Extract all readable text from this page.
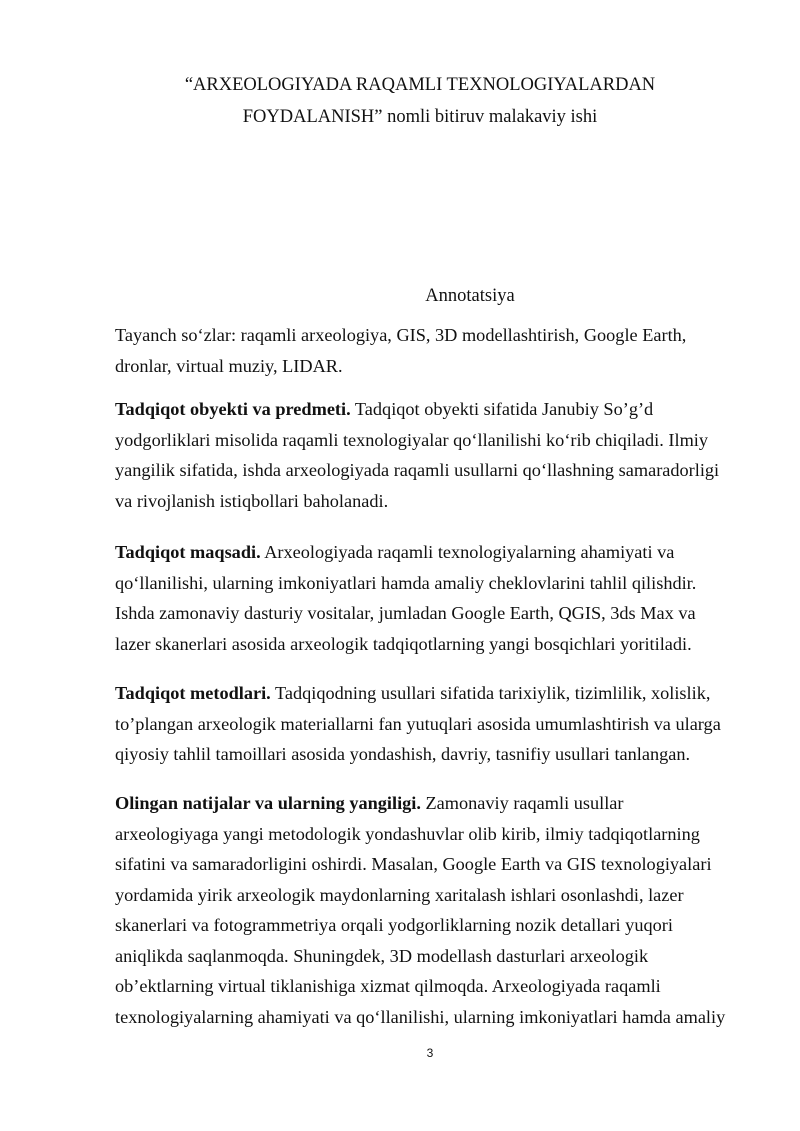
“ARXEOLOGIYADA RAQAMLI TEXNOLOGIYALARDAN
FOYDALANISH” nomli bitiruv malakaviy ishi
Annotatsiya
Tayanch so‘zlar: raqamli arxeologiya, GIS, 3D modellashtirish, Google Earth,
dronlar, virtual muziy, LIDAR.
Tadqiqot obyekti va predmeti. Tadqiqot obyekti sifatida Janubiy So’g’d
yodgorliklari misolida raqamli texnologiyalar qo‘llanilishi ko‘rib chiqiladi. Ilmiy
yangilik sifatida, ishda arxeologiyada raqamli usullarni qo‘llashning samaradorligi
va rivojlanish istiqbollari baholanadi.
Tadqiqot maqsadi. Arxeologiyada raqamli texnologiyalarning ahamiyati va
qo‘llanilishi, ularning imkoniyatlari hamda amaliy cheklovlarini tahlil qilishdir.
Ishda zamonaviy dasturiy vositalar, jumladan Google Earth, QGIS, 3ds Max va
lazer skanerlari asosida arxeologik tadqiqotlarning yangi bosqichlari yoritiladi.
Tadqiqot metodlari. Tadqiqodning usullari sifatida tarixiylik, tizimlilik, xolislik,
to’plangan arxeologik materiallarni fan yutuqlari asosida umumlashtirish va ularga
qiyosiy tahlil tamoillari asosida yondashish, davriy, tasnifiy usullari tanlangan.
Olingan natijalar va ularning yangiligi. Zamonaviy raqamli usullar
arxeologiyaga yangi metodologik yondashuvlar olib kirib, ilmiy tadqiqotlarning
sifatini va samaradorligini oshirdi. Masalan, Google Earth va GIS texnologiyalari
yordamida yirik arxeologik maydonlarning xaritalash ishlari osonlashdi, lazer
skanerlari va fotogrammetriya orqali yodgorliklarning nozik detallari yuqori
aniqlikda saqlanmoqda. Shuningdek, 3D modellash dasturlari arxeologik
ob’ektlarning virtual tiklanishiga xizmat qilmoqda. Arxeologiyada raqamli
texnologiyalarning ahamiyati va qo‘llanilishi, ularning imkoniyatlari hamda amaliy
3
